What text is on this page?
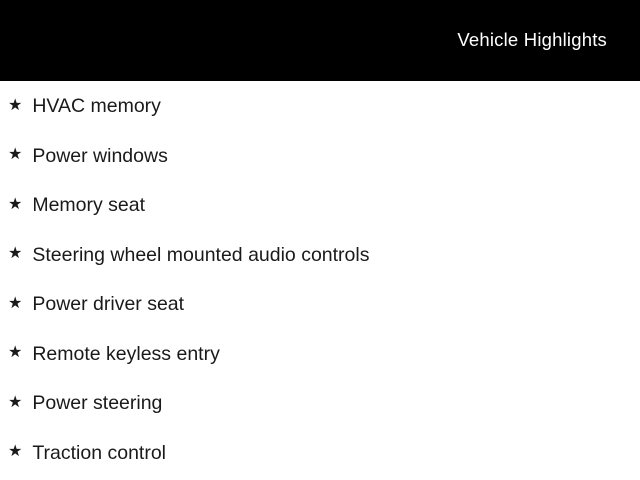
Vehicle Highlights
★ HVAC memory
★ Power windows
★ Memory seat
★ Steering wheel mounted audio controls
★ Power driver seat
★ Remote keyless entry
★ Power steering
★ Traction control
